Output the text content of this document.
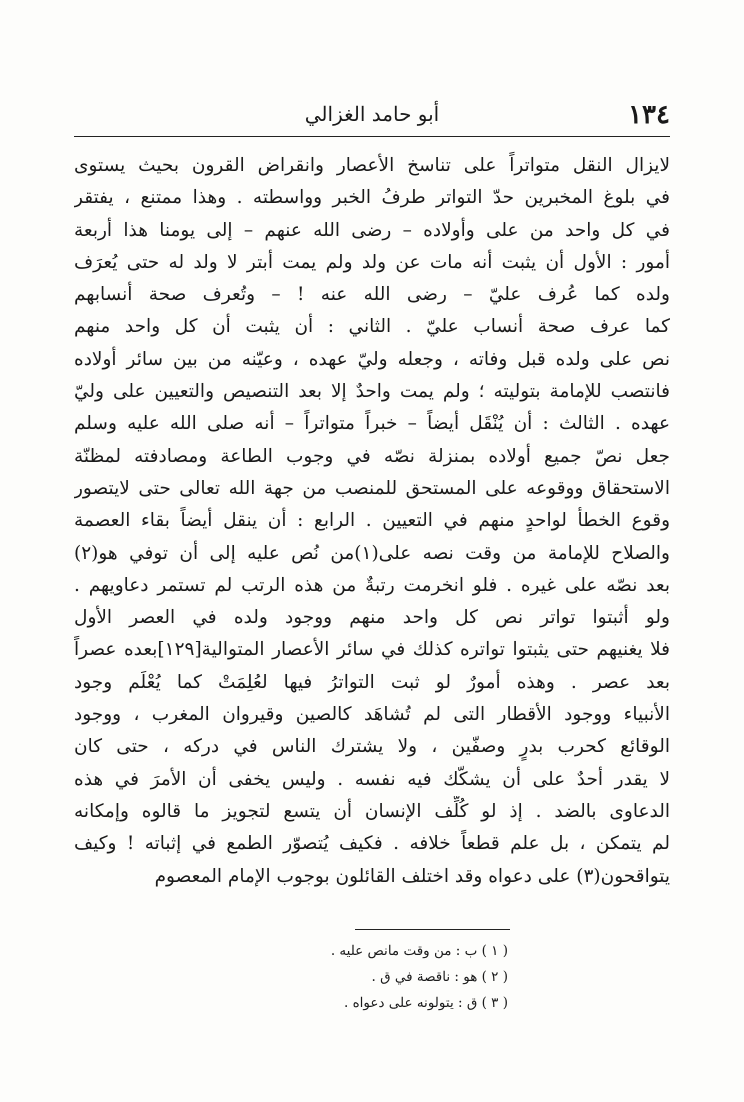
١٣٤
أبو حامد الغزالي
لايزال النقل متواتراً على تناسخ الأعصار وانقراض القرون بحيث يستوى
في بلوغ المخبرين حدّ التواتر طرفُ الخبر وواسطته . وهذا ممتنع ، يفتقر
في كل واحد من على وأولاده – رضى الله عنهم – إلى يومنا هذا أربعة
أمور : الأول أن يثبت أنه مات عن ولد ولم يمت أبتر لا ولد له حتى يُعرَف
ولده كما عُرف عليّ – رضى الله عنه ! – وتُعرف صحة أنسابهم
كما عرف صحة أنساب عليّ . الثاني : أن يثبت أن كل واحد منهم
نص على ولده قبل وفاته ، وجعله وليّ عهده ، وعيّنه من بين سائر أولاده
فانتصب للإمامة بتوليته ؛ ولم يمت واحدٌ إلا بعد التنصيص والتعيين على وليّ
عهده . الثالث : أن يُنْقَل أيضاً – خبراً متواتراً – أنه صلى الله عليه وسلم
جعل نصّ جميع أولاده بمنزلة نصّه في وجوب الطاعة ومصادفته لمظنّة
الاستحقاق ووقوعه على المستحق للمنصب من جهة الله تعالى حتى لايتصور
وقوع الخطأ لواحدٍ منهم في التعيين . الرابع : أن ينقل أيضاً بقاء العصمة
والصلاح للإمامة من وقت نصه على(١)من نُص عليه إلى أن توفي هو(٢)
بعد نصّه على غيره . فلو انخرمت رتبةٌ من هذه الرتب لم تستمر دعاويهم .
ولو أثبتوا تواتر نص كل واحد منهم ووجود ولده في العصر الأول
فلا يغنيهم حتى يثبتوا تواتره كذلك في سائر الأعصار المتوالية[١٢٩]بعده عصراً
بعد عصر . وهذه أمورٌ لو ثبت التواترُ فيها لعُلِمَتْ كما يُعْلَم وجود
الأنبياء ووجود الأقطار التى لم تُشاهَد كالصين وقيروان المغرب ، ووجود
الوقائع كحرب بدرٍ وصفّين ، ولا يشترك الناس في دركه ، حتى كان
لا يقدر أحدٌ على أن يشكّك فيه نفسه . وليس يخفى أن الأمرَ في هذه
الدعاوى بالضد . إذ لو كُلِّف الإنسان أن يتسع لتجويز ما قالوه وإمكانه
لم يتمكن ، بل علم قطعاً خلافه . فكيف يُتصوّر الطمع في إثباته ! وكيف
يتواقحون(٣) على دعواه وقد اختلف القائلون بوجوب الإمام المعصوم
( ١ ) ب : من وقت مانص عليه .
( ٢ ) هو : ناقصة في ق .
( ٣ ) ق : يتولونه على دعواه .
